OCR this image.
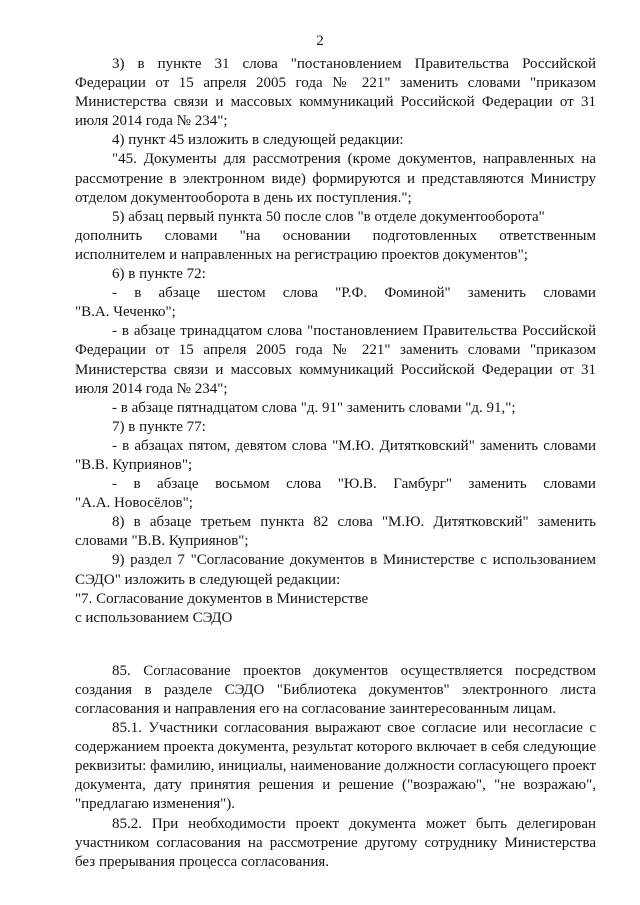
2

3) в пункте 31 слова "постановлением Правительства Российской Федерации от 15 апреля 2005 года № 221" заменить словами "приказом Министерства связи и массовых коммуникаций Российской Федерации от 31 июля 2014 года № 234";

4) пункт 45 изложить в следующей редакции:

"45. Документы для рассмотрения (кроме документов, направленных на рассмотрение в электронном виде) формируются и представляются Министру отделом документооборота в день их поступления.";

5) абзац первый пункта 50 после слов "в отделе документооборота"

дополнить словами "на основании подготовленных ответственным

исполнителем и направленных на регистрацию проектов документов";

6) в пункте 72:

- в абзаце шестом слова "Р.Ф. Фоминой" заменить словами

"В.А. Чеченко";

- в абзаце тринадцатом слова "постановлением Правительства Российской Федерации от 15 апреля 2005 года № 221" заменить словами "приказом Министерства связи и массовых коммуникаций Российской Федерации от 31 июля 2014 года № 234";

- в абзаце пятнадцатом слова "д. 91" заменить словами "д. 91,";

7) в пункте 77:

- в абзацах пятом, девятом слова "М.Ю. Дитятковский" заменить словами "В.В. Куприянов";

- в абзаце восьмом слова "Ю.В. Гамбург" заменить словами

"А.А. Новосёлов";

8) в абзаце третьем пункта 82 слова "М.Ю. Дитятковский" заменить словами "В.В. Куприянов";

9) раздел 7 "Согласование документов в Министерстве с использованием СЭДО" изложить в следующей редакции:

"7. Согласование документов в Министерстве

с использованием СЭДО

85. Согласование проектов документов осуществляется посредством создания в разделе СЭДО "Библиотека документов" электронного листа согласования и направления его на согласование заинтересованным лицам.

85.1. Участники согласования выражают свое согласие или несогласие с содержанием проекта документа, результат которого включает в себя следующие реквизиты: фамилию, инициалы, наименование должности согласующего проект документа, дату принятия решения и решение ("возражаю", "не возражаю", "предлагаю изменения").

85.2. При необходимости проект документа может быть делегирован участником согласования на рассмотрение другому сотруднику Министерства без прерывания процесса согласования.
